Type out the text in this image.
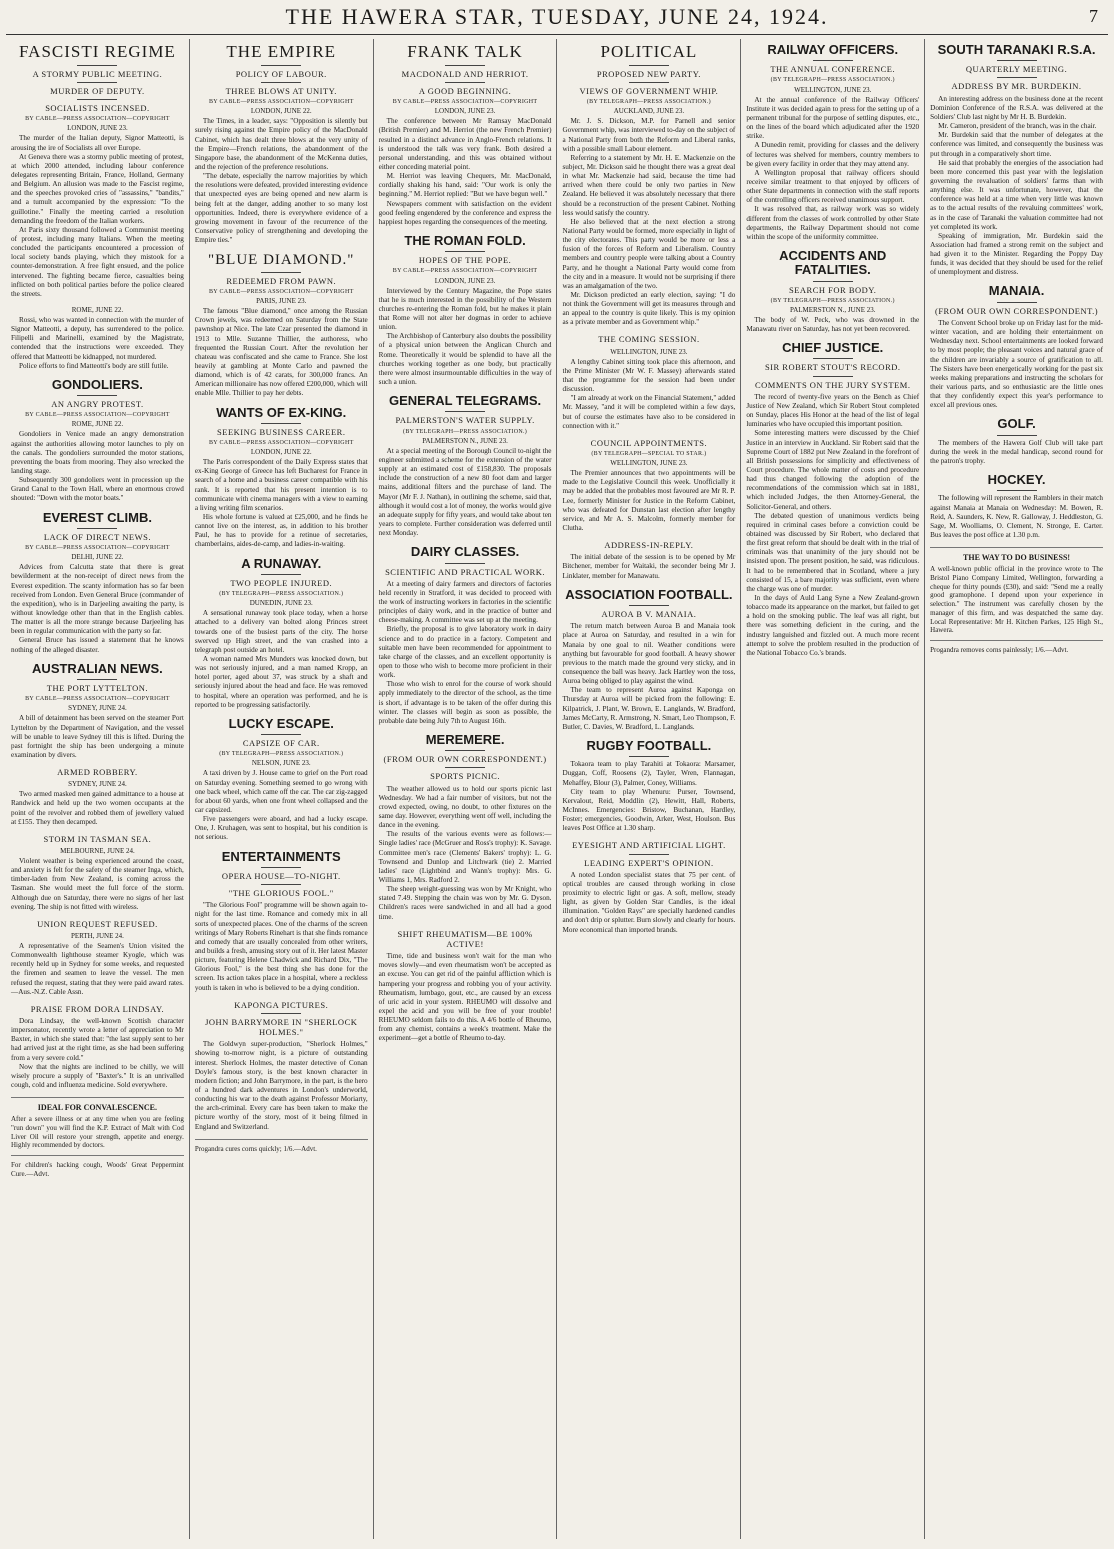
THE HAWERA STAR, TUESDAY, JUNE 24, 1924.	7
FASCISTI REGIME
A STORMY PUBLIC MEETING.
MURDER OF DEPUTY.
SOCIALISTS INCENSED.
BY CABLE—PRESS ASSOCIATION—COPYRIGHT
LONDON, JUNE 23.

The murder of the Italian deputy, Signor Matteotti, is arousing the ire of Socialists all over Europe.

At Geneva there was a stormy public meeting of protest, at which 2000 attended, including labour conference delegates representing Britain, France, Holland, Germany and Belgium. An allusion was made to the Fascist regime, and the speeches provoked cries of "assassins," "bandits," and a tumult accompanied by the expression: "To the guillotine." Finally the meeting carried a resolution demanding the freedom of the Italian workers.

At Paris sixty thousand followed a Communist meeting of protest, including many Italians. When the meeting concluded the participants encountered a procession of local society bands playing, which they mistook for a counter-demonstration. A free fight ensued, and the police intervened. The fighting became fierce, casualties being inflicted on both political parties before the police cleared the streets.

ROME, JUNE 22.

Rossi, who was wanted in connection with the murder of Signor Matteotti, a deputy, has surrendered to the police. Filipelli and Marinelli, examined by the Magistrate, contended that the instructions were exceeded. They offered that Matteotti be kidnapped, not murdered.

Police efforts to find Matteotti's body are still futile.

GONDOLIERS.
AN ANGRY PROTEST.
BY CABLE—PRESS ASSOCIATION—COPYRIGHT
ROME, JUNE 22.

Gondoliers in Venice made an angry demonstration against the authorities allowing motor launches to ply on the canals. The gondoliers surrounded the motor stations, preventing the boats from mooring. They also wrecked the landing stage.

Subsequently 300 gondoliers went in procession up the Grand Canal to the Town Hall, where an enormous crowd shouted: "Down with the motor boats."

EVEREST CLIMB.
LACK OF DIRECT NEWS.
BY CABLE—PRESS ASSOCIATION—COPYRIGHT
DELHI, JUNE 22.

Advices from Calcutta state that there is great bewilderment at the non-receipt of direct news from the Everest expedition. The scanty information has so far been received from London. Even General Bruce (commander of the expedition), who is in Darjeeling awaiting the party, is without knowledge other than that in the English cables. The matter is all the more strange because Darjeeling has been in regular communication with the party so far.

General Bruce has issued a statement that he knows nothing of the alleged disaster.

AUSTRALIAN NEWS.
THE PORT LYTTELTON.
BY CABLE—PRESS ASSOCIATION—COPYRIGHT
SYDNEY, JUNE 24.

A bill of detainment has been served on the steamer Port Lyttelton by the Department of Navigation, and the vessel will be unable to leave Sydney till this is lifted. During the past fortnight the ship has been undergoing a minute examination by divers.

ARMED ROBBERY.
SYDNEY, JUNE 24.

Two armed masked men gained admittance to a house at Randwick and held up the two women occupants at the point of the revolver and robbed them of jewellery valued at £155. They then decamped.

STORM IN TASMAN SEA.
MELBOURNE, JUNE 24.

Violent weather is being experienced around the coast, and anxiety is felt for the safety of the steamer Inga, which, timber-laden from New Zealand, is coming across the Tasman. She would meet the full force of the storm. Although due on Saturday, there were no signs of her last evening. The ship is not fitted with wireless.

UNION REQUEST REFUSED.
PERTH, JUNE 24.

A representative of the Seamen's Union visited the Commonwealth lighthouse steamer Kyogle, which was recently held up in Sydney for some weeks, and requested the firemen and seamen to leave the vessel. The men refused the request, stating that they were paid award rates.—Aus.-N.Z. Cable Assn.

PRAISE FROM DORA LINDSAY.

Dora Lindsay, the well-known Scottish character impersonator, recently wrote a letter of appreciation to Mr Baxter, in which she stated that: "the last supply sent to her had arrived just at the right time, as she had been suffering from a very severe cold."

Now that the nights are inclined to be chilly, we will wisely procure a supply of "Baxter's." It is an unrivalled cough, cold and influenza medicine. Sold everywhere.

IDEAL FOR CONVALESCENCE.
After a severe illness or at any time when you are feeling "run down" you will find the K.P. Extract of Malt with Cod Liver Oil will restore your strength, appetite and energy. Highly recommended by doctors.
For children's hacking cough, Woods' Great Peppermint Cure.—Advt.
THE EMPIRE
POLICY OF LABOUR.
THREE BLOWS AT UNITY.
BY CABLE—PRESS ASSOCIATION—COPYRIGHT
LONDON, JUNE 22.

The Times, in a leader, says: "Opposition is silently but surely rising against the Empire policy of the MacDonald Cabinet, which has dealt three blows at the very unity of the Empire—French relations, the abandonment of the Singapore base, the abandonment of the McKenna duties, and the rejection of the preference resolutions.

"The debate, especially the narrow majorities by which the resolutions were defeated, provided interesting evidence that unexpected eyes are being opened and new alarm is being felt at the danger, adding another to so many lost opportunities. Indeed, there is everywhere evidence of a growing movement in favour of the recurrence of the Conservative policy of strengthening and developing the Empire ties."

"BLUE DIAMOND."
REDEEMED FROM PAWN.
BY CABLE—PRESS ASSOCIATION—COPYRIGHT
PARIS, JUNE 23.

The famous "Blue diamond," once among the Russian Crown jewels, was redeemed on Saturday from the State pawnshop at Nice. The late Czar presented the diamond in 1913 to Mlle. Suzanne Thillier, the authoress, who frequented the Russian Court. After the revolution her chateau was confiscated and she came to France. She lost heavily at gambling at Monte Carlo and pawned the diamond, which is of 42 carats, for 300,000 francs. An American millionaire has now offered £200,000, which will enable Mlle. Thillier to pay her debts.

WANTS OF EX-KING.
SEEKING BUSINESS CAREER.
BY CABLE—PRESS ASSOCIATION—COPYRIGHT
LONDON, JUNE 22.

The Paris correspondent of the Daily Express states that ex-King George of Greece has left Bucharest for France in search of a home and a business career compatible with his rank. It is reported that his present intention is to communicate with cinema managers with a view to earning a living writing film scenarios.

His whole fortune is valued at £25,000, and he finds he cannot live on the interest, as, in addition to his brother Paul, he has to provide for a retinue of secretaries, chamberlains, aides-de-camp, and ladies-in-waiting.

A RUNAWAY.
TWO PEOPLE INJURED.
(BY TELEGRAPH—PRESS ASSOCIATION.)
DUNEDIN, JUNE 23.

A sensational runaway took place today, when a horse attached to a delivery van bolted along Princes street towards one of the busiest parts of the city. The horse swerved up High street, and the van crashed into a telegraph post outside an hotel.

A woman named Mrs Munders was knocked down, but was not seriously injured, and a man named Kropp, an hotel porter, aged about 37, was struck by a shaft and seriously injured about the head and face. He was removed to hospital, where an operation was performed, and he is reported to be progressing satisfactorily.

LUCKY ESCAPE.
CAPSIZE OF CAR.
(BY TELEGRAPH—PRESS ASSOCIATION.)
NELSON, JUNE 23.

A taxi driven by J. House came to grief on the Port road on Saturday evening. Something seemed to go wrong with one back wheel, which came off the car. The car zig-zagged for about 60 yards, when one front wheel collapsed and the car capsized.

Five passengers were aboard, and had a lucky escape. One, J. Kruhagen, was sent to hospital, but his condition is not serious.

ENTERTAINMENTS
OPERA HOUSE—TO-NIGHT.
"THE GLORIOUS FOOL."

"The Glorious Fool" programme will be shown again to-night for the last time. Romance and comedy mix in all sorts of unexpected places. One of the charms of the screen writings of Mary Roberts Rinehart is that she finds romance and comedy that are usually concealed from other writers, and builds a fresh, amusing story out of it. Her latest Master picture, featuring Helene Chadwick and Richard Dix, "The Glorious Fool," is the best thing she has done for the screen. Its action takes place in a hospital, where a reckless youth is taken in who is believed to be a dying condition.

KAPONGA PICTURES.
JOHN BARRYMORE IN "SHERLOCK HOLMES."

The Goldwyn super-production, "Sherlock Holmes," showing to-morrow night, is a picture of outstanding interest. Sherlock Holmes, the master detective of Conan Doyle's famous story, is the best known character in modern fiction; and John Barrymore, in the part, is the hero of a hundred dark adventures in London's underworld, conducting his war to the death against Professor Moriarty, the arch-criminal. Every care has been taken to make the picture worthy of the story, most of it being filmed in England and Switzerland.

Progandra cures corns quickly; 1/6.—Advt.
FRANK TALK
MACDONALD AND HERRIOT.
A GOOD BEGINNING.
BY CABLE—PRESS ASSOCIATION—COPYRIGHT
LONDON, JUNE 23.

The conference between Mr Ramsay MacDonald (British Premier) and M. Herriot (the new French Premier) resulted in a distinct advance in Anglo-French relations. It is understood the talk was very frank. Both desired a personal understanding, and this was obtained without either conceding material point.

M. Herriot was leaving Chequers, Mr. MacDonald, cordially shaking his hand, said: "Our work is only the beginning." M. Herriot replied: "But we have begun well."

Newspapers comment with satisfaction on the evident good feeling engendered by the conference and express the happiest hopes regarding the consequences of the meeting.

THE ROMAN FOLD.
HOPES OF THE POPE.
BY CABLE—PRESS ASSOCIATION—COPYRIGHT
LONDON, JUNE 23.

Interviewed by the Century Magazine, the Pope states that he is much interested in the possibility of the Western churches re-entering the Roman fold, but he makes it plain that Rome will not alter her dogmas in order to achieve union.

The Archbishop of Canterbury also doubts the possibility of a physical union between the Anglican Church and Rome. Theoretically it would be splendid to have all the churches working together as one body, but practically there were almost insurmountable difficulties in the way of such a union.

GENERAL TELEGRAMS.
PALMERSTON'S WATER SUPPLY.
(BY TELEGRAPH—PRESS ASSOCIATION.)
PALMERSTON N., JUNE 23.

At a special meeting of the Borough Council to-night the engineer submitted a scheme for the extension of the water supply at an estimated cost of £158,830. The proposals include the construction of a new 80 foot dam and larger mains, additional filters and the purchase of land. The Mayor (Mr F. J. Nathan), in outlining the scheme, said that, although it would cost a lot of money, the works would give an adequate supply for fifty years, and would take about ten years to complete. Further consideration was deferred until next Monday.

DAIRY CLASSES.
SCIENTIFIC AND PRACTICAL WORK.

At a meeting of dairy farmers and directors of factories held recently in Stratford, it was decided to proceed with the work of instructing workers in factories in the scientific principles of dairy work, and in the practice of butter and cheese-making. A committee was set up at the meeting.

Briefly, the proposal is to give laboratory work in dairy science and to do practice in a factory. Competent and suitable men have been recommended for appointment to take charge of the classes, and an excellent opportunity is open to those who wish to become more proficient in their work.

Those who wish to enrol for the course of work should apply immediately to the director of the school, as the time is short, if advantage is to be taken of the offer during this winter. The classes will begin as soon as possible, the probable date being July 7th to August 16th.

MEREMERE.
(FROM OUR OWN CORRESPONDENT.)
SPORTS PICNIC.

The weather allowed us to hold our sports picnic last Wednesday. We had a fair number of visitors, but not the crowd expected, owing, no doubt, to other fixtures on the same day. However, everything went off well, including the dance in the evening.

The results of the various events were as follows:—Single ladies' race (McGruer and Ross's trophy): K. Savage. Committee men's race (Clements' Bakers' trophy): L. G. Townsend and Dunlop and Litchwark (tie) 2. Married ladies' race (Lightbind and Wann's trophy): Mrs. G. Williams 1, Mrs. Radford 2.

The sheep weight-guessing was won by Mr Knight, who stated 7.49. Stepping the chain was won by Mr. G. Dyson. Children's races were sandwiched in and all had a good time.

SHIFT RHEUMATISM—BE 100% ACTIVE!

Time, tide and business won't wait for the man who moves slowly—and even rheumatism won't be accepted as an excuse. You can get rid of the painful affliction which is hampering your progress and robbing you of your activity. Rheumatism, lumbago, gout, etc., are caused by an excess of uric acid in your system. RHEUMO will dissolve and expel the acid and you will be free of your trouble! RHEUMO seldom fails to do this. A 4/6 bottle of Rheumo, from any chemist, contains a week's treatment. Make the experiment—get a bottle of Rheumo to-day.

POLITICAL
PROPOSED NEW PARTY.
VIEWS OF GOVERNMENT WHIP.
(BY TELEGRAPH—PRESS ASSOCIATION.)
AUCKLAND, JUNE 23.

Mr. J. S. Dickson, M.P. for Parnell and senior Government whip, was interviewed to-day on the subject of a National Party from both the Reform and Liberal ranks, with a possible small Labour element.

Referring to a statement by Mr. H. E. Mackenzie on the subject, Mr. Dickson said he thought there was a great deal in what Mr. Mackenzie had said, because the time had arrived when there could be only two parties in New Zealand. He believed it was absolutely necessary that there should be a reconstruction of the present Cabinet. Nothing less would satisfy the country.

He also believed that at the next election a strong National Party would be formed, more especially in light of the city electorates. This party would be more or less a fusion of the forces of Reform and Liberalism. Country members and country people were talking about a Country Party, and he thought a National Party would come from the city and in a measure. It would not be surprising if there was an amalgamation of the two.

Mr. Dickson predicted an early election, saying: "I do not think the Government will get its measures through and an appeal to the country is quite likely. This is my opinion as a private member and as Government whip."

THE COMING SESSION.
WELLINGTON, JUNE 23.

A lengthy Cabinet sitting took place this afternoon, and the Prime Minister (Mr W. F. Massey) afterwards stated that the programme for the session had been under discussion.

"I am already at work on the Financial Statement," added Mr. Massey, "and it will be completed within a few days, but of course the estimates have also to be considered in connection with it."

COUNCIL APPOINTMENTS.
(BY TELEGRAPH—SPECIAL TO STAR.)
WELLINGTON, JUNE 23.

The Premier announces that two appointments will be made to the Legislative Council this week. Unofficially it may be added that the probables most favoured are Mr R. P. Lee, formerly Minister for Justice in the Reform Cabinet, who was defeated for Dunstan last election after lengthy service, and Mr A. S. Malcolm, formerly member for Clutha.

ADDRESS-IN-REPLY.

The initial debate of the session is to be opened by Mr Bitchener, member for Waitaki, the seconder being Mr J. Linklater, member for Manawatu.

ASSOCIATION FOOTBALL.
AUROA B V. MANAIA.

The return match between Auroa B and Manaia took place at Auroa on Saturday, and resulted in a win for Manaia by one goal to nil. Weather conditions were anything but favourable for good football. A heavy shower previous to the match made the ground very sticky, and in consequence the ball was heavy. Jack Hartley won the toss, Auroa being obliged to play against the wind.

The team to represent Auroa against Kaponga on Thursday at Auroa will be picked from the following: E. Kilpatrick, J. Plant, W. Brown, E. Langlands, W. Bradford, James McCarty, R. Armstrong, N. Smart, Leo Thompson, F. Butler, C. Davies, W. Bradford, L. Langlands.

RUGBY FOOTBALL.

Tokaora team to play Tarahiti at Tokaora: Marsamer, Duggan, Coff, Roosens (2), Tayler, Wren, Flannagan, Mehaffey, Blour (3), Palmer, Coney, Williams.

City team to play Whenuru: Purser, Townsend, Kervalout, Reid, Moddlin (2), Hewitt, Hall, Roberts, McInnes. Emergencies: Bristow, Buchanan, Hardley, Foster; emergencies, Goodwin, Arker, West, Houlson. Bus leaves Post Office at 1.30 sharp.

EYESIGHT AND ARTIFICIAL LIGHT.
LEADING EXPERT'S OPINION.

A noted London specialist states that 75 per cent. of optical troubles are caused through working in close proximity to electric light or gas. A soft, mellow, steady light, as given by Golden Star Candles, is the ideal illumination. "Golden Rays" are specially hardened candles and don't drip or splutter. Burn slowly and clearly for hours. More economical than imported brands.

RAILWAY OFFICERS.
THE ANNUAL CONFERENCE.
(BY TELEGRAPH—PRESS ASSOCIATION.)
WELLINGTON, JUNE 23.

At the annual conference of the Railway Officers' Institute it was decided again to press for the setting up of a permanent tribunal for the purpose of settling disputes, etc., on the lines of the board which adjudicated after the 1920 strike.

A Dunedin remit, providing for classes and the delivery of lectures was shelved for members, country members to be given every facility in order that they may attend any.

A Wellington proposal that railway officers should receive similar treatment to that enjoyed by officers of other State departments in connection with the staff reports of the controlling officers received unanimous support.

It was resolved that, as railway work was so widely different from the classes of work controlled by other State departments, the Railway Department should not come within the scope of the uniformity committee.

ACCIDENTS AND FATALITIES.
SEARCH FOR BODY.
(BY TELEGRAPH—PRESS ASSOCIATION.)
PALMERSTON N., JUNE 23.

The body of W. Peck, who was drowned in the Manawatu river on Saturday, has not yet been recovered.

CHIEF JUSTICE.
SIR ROBERT STOUT'S RECORD.
COMMENTS ON THE JURY SYSTEM.

The record of twenty-five years on the Bench as Chief Justice of New Zealand, which Sir Robert Stout completed on Sunday, places His Honor at the head of the list of legal luminaries who have occupied this important position.

Some interesting matters were discussed by the Chief Justice in an interview in Auckland. Sir Robert said that the Supreme Court of 1882 put New Zealand in the forefront of all British possessions for simplicity and effectiveness of Court procedure. The whole matter of costs and procedure had thus changed following the adoption of the recommendations of the commission which sat in 1881, which included Judges, the then Attorney-General, the Solicitor-General, and others.

The debated question of unanimous verdicts being required in criminal cases before a conviction could be obtained was discussed by Sir Robert, who declared that the first great reform that should be dealt with in the trial of criminals was that unanimity of the jury should not be insisted upon. The present position, he said, was ridiculous. It had to be remembered that in Scotland, where a jury consisted of 15, a bare majority was sufficient, even where the charge was one of murder.

In the days of Auld Lang Syne a New Zealand-grown tobacco made its appearance on the market, but failed to get a hold on the smoking public. The leaf was all right, but there was something deficient in the curing, and the industry languished and fizzled out. A much more recent attempt to solve the problem resulted in the production of the National Tobacco Co.'s brands.

SOUTH TARANAKI R.S.A.
QUARTERLY MEETING.
ADDRESS BY MR. BURDEKIN.

An interesting address on the business done at the recent Dominion Conference of the R.S.A. was delivered at the Soldiers' Club last night by Mr H. B. Burdekin.

Mr. Cameron, president of the branch, was in the chair.

Mr. Burdekin said that the number of delegates at the conference was limited, and consequently the business was put through in a comparatively short time.

He said that probably the energies of the association had been more concerned this past year with the legislation governing the revaluation of soldiers' farms than with anything else. It was unfortunate, however, that the conference was held at a time when very little was known as to the actual results of the revaluing committees' work, as in the case of Taranaki the valuation committee had not yet completed its work.

Speaking of immigration, Mr. Burdekin said the Association had framed a strong remit on the subject and had given it to the Minister. Regarding the Poppy Day funds, it was decided that they should be used for the relief of unemployment and distress.

MANAIA.
(FROM OUR OWN CORRESPONDENT.)

The Convent School broke up on Friday last for the mid-winter vacation, and are holding their entertainment on Wednesday next. School entertainments are looked forward to by most people; the pleasant voices and natural grace of the children are invariably a source of gratification to all. The Sisters have been energetically working for the past six weeks making preparations and instructing the scholars for their various parts, and so enthusiastic are the little ones that they confidently expect this year's performance to excel all previous ones.

GOLF.

The members of the Hawera Golf Club will take part during the week in the medal handicap, second round for the patron's trophy.

HOCKEY.

The following will represent the Ramblers in their match against Manaia at Manaia on Wednesday: M. Bowen, R. Reid, A. Saunders, K. New, R. Galloway, J. Heddleston, G. Sage, M. Woolliams, O. Clement, N. Stronge, E. Carter. Bus leaves the post office at 1.30 p.m.

THE WAY TO DO BUSINESS!
A well-known public official in the province wrote to The Bristol Piano Company Limited, Wellington, forwarding a cheque for thirty pounds (£30), and said: "Send me a really good gramophone. I depend upon your experience in selection." The instrument was carefully chosen by the manager of this firm, and was despatched the same day. Local Representative: Mr H. Kitchen Parkes, 125 High St., Hawera.
Progandra removes corns painlessly; 1/6.—Advt.
